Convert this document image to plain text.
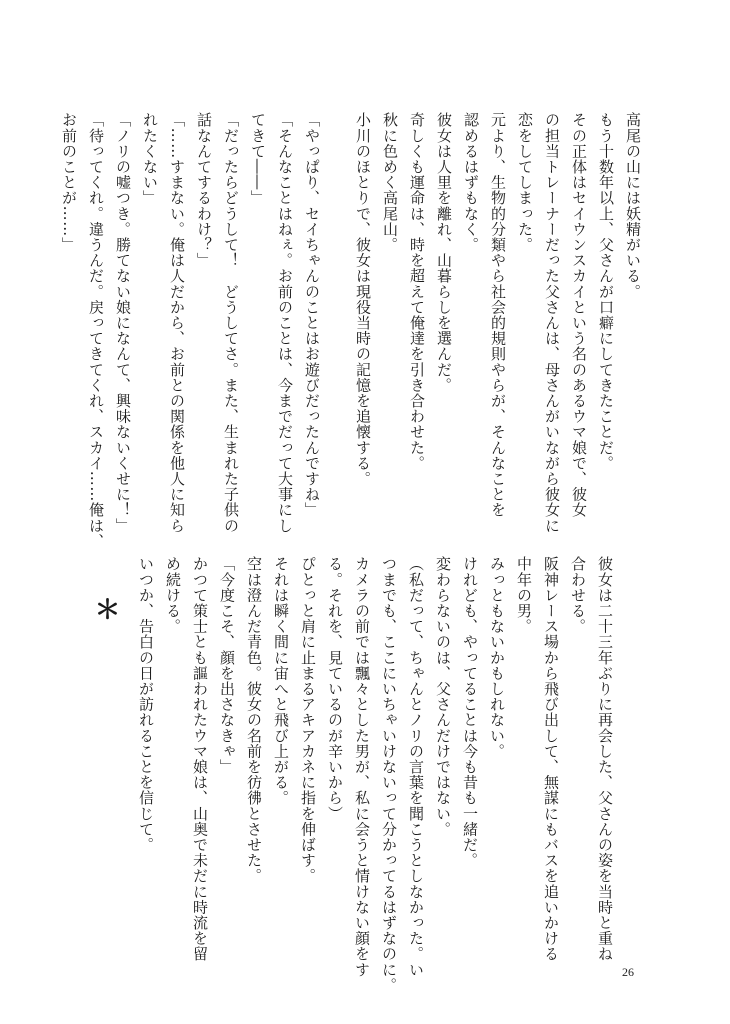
高尾の山には妖精がいる。
もう十数年以上、父さんが口癖にしてきたことだ。
その正体はセイウンスカイという名のあるウマ娘で、彼女
の担当トレーナーだった父さんは、母さんがいながら彼女に
恋をしてしまった。
元より、生物的分類やら社会的規則やらが、そんなことを
認めるはずもなく。
彼女は人里を離れ、山暮らしを選んだ。
奇しくも運命は、時を超えて俺達を引き合わせた。
秋に色めく高尾山。
小川のほとりで、彼女は現役当時の記憶を追懐する。
「やっぱり、セイちゃんのことはお遊びだったんですね」
「そんなことはねぇ。お前のことは、今までだって大事にし
てきて――」
「だったらどうして！　どうしてさ。また、生まれた子供の
話なんてするわけ？」
「……すまない。俺は人だから、お前との関係を他人に知ら
れたくない」
「ノリの嘘つき。勝てない娘になんて、興味ないくせに！」
「待ってくれ。違うんだ。戻ってきてくれ、スカイ……俺は、
お前のことが……」
彼女は二十三年ぶりに再会した、父さんの姿を当時と重ね
合わせる。
阪神レース場から飛び出して、無謀にもバスを追いかける
中年の男。
みっともないかもしれない。
けれども、やってることは今も昔も一緒だ。
変わらないのは、父さんだけではない。
（私だって、ちゃんとノリの言葉を聞こうとしなかった。い
つまでも、ここにいちゃいけないって分かってるはずなのに。
カメラの前では飄々とした男が、私に会うと情けない顔をす
る。それを、見ているのが辛いから）
ぴとっと肩に止まるアキアカネに指を伸ばす。
それは瞬く間に宙へと飛び上がる。
空は澄んだ青色。彼女の名前を彷彿とさせた。
「今度こそ、顔を出さなきゃ」
かつて策士とも謳われたウマ娘は、山奥で未だに時流を留
め続ける。
いつか、告白の日が訪れることを信じて。
＊
26
